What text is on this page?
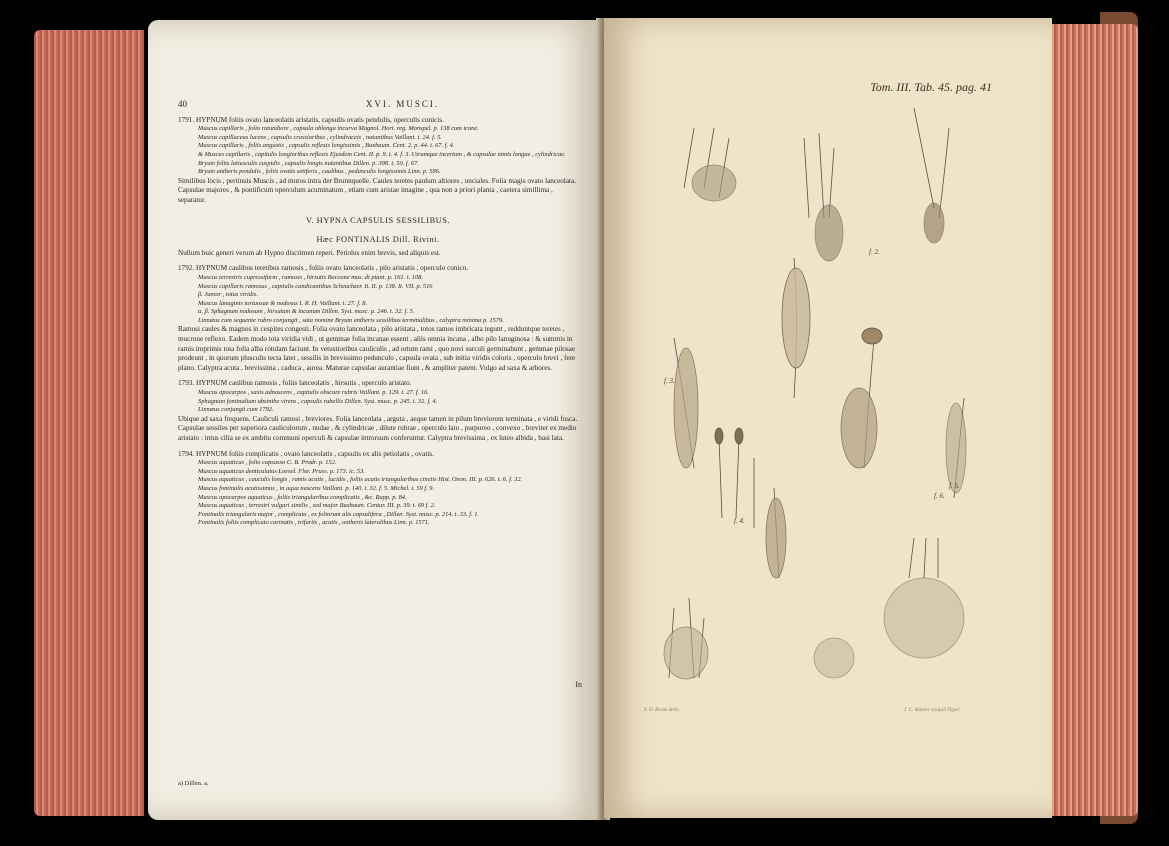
40	XVI. MUSCI.
1791. HYPNUM foliis ovato lanceolatis aristatis, capsulis ovatis pendulis, operculis conicis.
Muscus capillaris , folio rotundiore , capsula oblonga incurva Magnol. Hort. reg. Monspel. p. 138 cum icone.
Muscus capillaceus lucens , capsulis crassioribus , cylindraceis , nutantibus Vaillant. t. 24. f. 5.
Muscus capillaris , foliis angustis , capsulis reflexis longissimis , Buxbaum. Cent. 2. p. 44. t. 67. f. 4.
& Muscus capillaris , capitulis longioribus reflexis Ejusdem Cent. II. p. 9. t. 4. f. 3. Utrumque incertum , & capsulae nimis longae , cylindricae.
Bryum foliis latiusculis cuspidis , capsulis longis nutantibus Dillen. p. 398. t. 50. f. 67.
Bryum antheris pendulis , foliis ovatis setiferis , caulibus , pedunculis longissimis Linn. p. 586.
Similibus locis , pertinuis Muscis , ad muros intra der Brunnquelle. Caules teretes paulum altiores , unciales. Folia magis ovato lanceolata. Capsulae majores , & pontificum operculum acuminatum , etiam cum aristae imagine , qua non a priori planta , caetera simillima , separatur.
V. HYPNA CAPSULIS SESSILIBUS.
Hæc FONTINALIS Dill. Rivini.
Nullum huic generi verum ab Hypno discrimen reperi. Petiolus enim brevis, sed aliquis est.
1792. HYPNUM caulibus teretibus ramosis , foliis ovato lanceolatis , pilo aristatis , operculo conico.
Muscus terrestris cupressiform , ramosis , hirsutis Boccone mus. di piant. p. 161. t. 108.
Muscus capillaris ramosus , capitulis candicantibus Scheuchzer. It. II. p. 138. It. VII. p. 516
β. Junior , totus viridis.
Muscus lanuginis tortuosae & nodosus I. R. H. Vaillant. t. 27. f. 8.
α, β. Sphagnum nodosum , hirsutum & incanum Dillen. Syst. musc. p. 246. t. 32. f. 5.
Linnæus cum sequente rubro conjungit , sata nomine Bryum antheris sessilibus terminalibus , calyptra minima p. 1579.
Ramosi caules & magnos in cespites congesti. Folia ovato lanceolata , pilo aristata , totos ramos imbricata tegunt , redduntque teretes , mucrone reflexo. Eadem modo tota viridia vidi , ut gemmae folia incanae essent , aliis omnia incana , albo pilo lanuginosa : & summis in ramis imprimis tota folia alba rotulam faciunt. In vetustioribus cauliculis , ad ortum rami , quo novi surculi germinabunt , gemmae pilosae prodeunt , in quorum plusculis tecta latet , sessilis in brevissimo pedunculo , capsula ovata , sub initia viridis coloris , operculo brevi , fere plano. Calyptra acuta , brevissima , caduca , aurea. Maturae capsulae aurantiae fiunt , & ampliter patent. Vulgo ad saxa & arbores.
1793. HYPNUM caulibus ramosis , foliis lanceolatis , hirsutis , operculo aristato.
Muscus apocarpos , saxis adnascens , capitulis obscure rubris Vaillant. p. 129. t. 27. f. 16.
Sphagnum fontinalium absinthe virens , capsulis rubellis Dillen. Syst. musc. p. 245. t. 32. f. 4.
Linnæus conjungit cum 1792.
Ubique ad saxa frequens. Cauliculi ramosi , breviores. Folia lanceolata , arguta , aeque tamen in pilum breviorem terminata , e viridi fusca. Capsulae sessiles per superiora cauliculorum , nudae , & cylindricae , dilute rubrae , operculo lato , purpureo , convexo , breviter ex medio aristato : intus cilia se ex ambitu communi operculi & capsulae introrsum conferuntur. Calyptra brevissima , ex luteo albida , basi lata.
1794. HYPNUM foliis complicatis , ovato lanceolatis , capsulis ex alis petiolatis , ovatis.
Muscus aquaticus , folio capsasso C. B. Prodr. p. 152.
Muscus aquaticus denticulatus Loesel. Flor. Pruss. p. 173. ic. 53.
Muscus aquaticus , cauculis longis , ramis acutis , lucidis , foliis acutis triangularibus cinctis Hist. Oxon. III. p. 626. t. 6. f. 32.
Muscus fontinalis acutissimus , in aqua nascens Vaillant. p. 140. t. 32. f. 5. Michel. t. 59 f. 9.
Muscus apocarpos aquaticus , foliis triangularibus complicatis , &c. Rupp. p. 84.
Muscus aquaticus , terrestri vulgari similis , sed major Buxbaum. Centur. III. p. 39. t. 69 f. 2.
Fontinalis triangularis major , complicata , ex foliorum alis capsulifera , Dillen. Syst. musc. p. 214. t. 33. f. 1.
Fontinalis foliis complicato carinatis , trifariis , acutis , antheris lateralibus Linn. p. 1571.
In
a) Dillen. a.
Tom. III. Tab. 45. pag. 41
f. 2.
f. 3.
f. 4.
f. 5.
f. 6.
S. D. Brune delin.	J. C. Maurer sculpsit Tiguri
